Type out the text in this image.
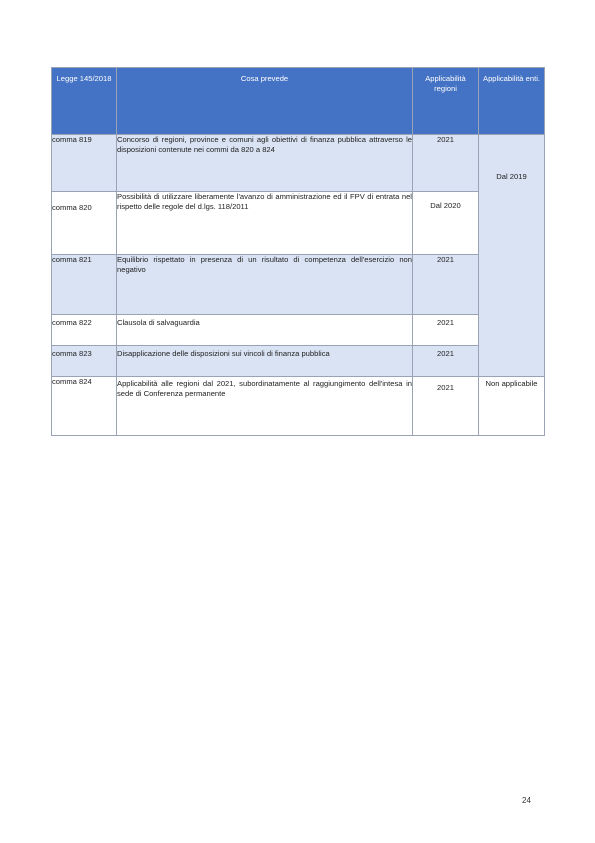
Legge 145/2018	Cosa prevede	Applicabilità regioni	Applicabilità enti.

comma 819	Concorso di regioni, province e comuni agli obiettivi di finanza pubblica attraverso le disposizioni contenute nei commi da 820 a 824	2021	Dal 2019

comma 820	Possibilità di utilizzare liberamente l'avanzo di amministrazione ed il FPV di entrata nel rispetto delle regole del d.lgs. 118/2011	Dal 2020	
comma 821	Equilibrio rispettato in presenza di un risultato di competenza dell'esercizio non negativo	2021	
comma 822	Clausola di salvaguardia	2021	
comma 823	Disapplicazione delle disposizioni sui vincoli di finanza pubblica	2021	
comma 824	Applicabilità alle regioni dal 2021, subordinatamente al raggiungimento dell'intesa in sede di Conferenza permanente	2021	Non applicabile
24
